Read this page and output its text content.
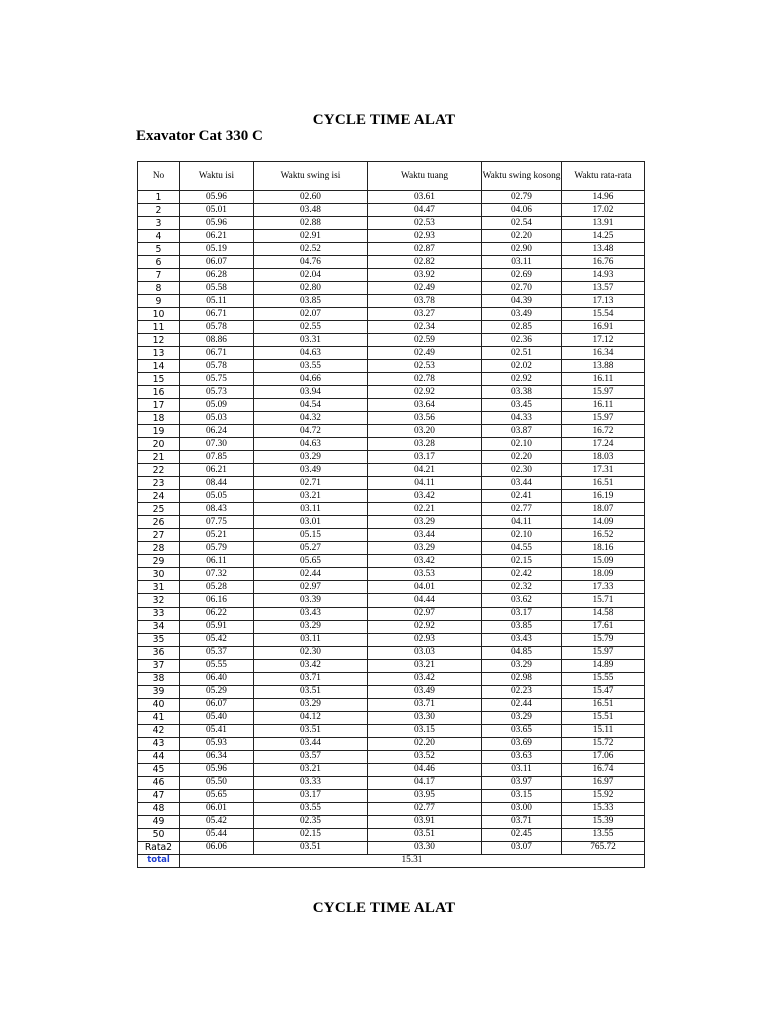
CYCLE TIME ALAT
Exavator Cat 330 C
No	Waktu isi	Waktu swing isi	Waktu tuang	Waktu swing kosong	Waktu rata-rata
1	05.96	02.60	03.61	02.79	14.96
2	05.01	03.48	04.47	04.06	17.02
3	05.96	02.88	02.53	02.54	13.91
4	06.21	02.91	02.93	02.20	14.25
5	05.19	02.52	02.87	02.90	13.48
6	06.07	04.76	02.82	03.11	16.76
7	06.28	02.04	03.92	02.69	14.93
8	05.58	02.80	02.49	02.70	13.57
9	05.11	03.85	03.78	04.39	17.13
10	06.71	02.07	03.27	03.49	15.54
11	05.78	02.55	02.34	02.85	16.91
12	08.86	03.31	02.59	02.36	17.12
13	06.71	04.63	02.49	02.51	16.34
14	05.78	03.55	02.53	02.02	13.88
15	05.75	04.66	02.78	02.92	16.11
16	05.73	03.94	02.92	03.38	15.97
17	05.09	04.54	03.64	03.45	16.11
18	05.03	04.32	03.56	04.33	15.97
19	06.24	04.72	03.20	03.87	16.72
20	07.30	04.63	03.28	02.10	17.24
21	07.85	03.29	03.17	02.20	18.03
22	06.21	03.49	04.21	02.30	17.31
23	08.44	02.71	04.11	03.44	16.51
24	05.05	03.21	03.42	02.41	16.19
25	08.43	03.11	02.21	02.77	18.07
26	07.75	03.01	03.29	04.11	14.09
27	05.21	05.15	03.44	02.10	16.52
28	05.79	05.27	03.29	04.55	18.16
29	06.11	05.65	03.42	02.15	15.09
30	07.32	02.44	03.53	02.42	18.09
31	05.28	02.97	04.01	02.32	17.33
32	06.16	03.39	04.44	03.62	15.71
33	06.22	03.43	02.97	03.17	14.58
34	05.91	03.29	02.92	03.85	17.61
35	05.42	03.11	02.93	03.43	15.79
36	05.37	02.30	03.03	04.85	15.97
37	05.55	03.42	03.21	03.29	14.89
38	06.40	03.71	03.42	02.98	15.55
39	05.29	03.51	03.49	02.23	15.47
40	06.07	03.29	03.71	02.44	16.51
41	05.40	04.12	03.30	03.29	15.51
42	05.41	03.51	03.15	03.65	15.11
43	05.93	03.44	02.20	03.69	15.72
44	06.34	03.57	03.52	03.63	17.06
45	05.96	03.21	04.46	03.11	16.74
46	05.50	03.33	04.17	03.97	16.97
47	05.65	03.17	03.95	03.15	15.92
48	06.01	03.55	02.77	03.00	15.33
49	05.42	02.35	03.91	03.71	15.39
50	05.44	02.15	03.51	02.45	13.55
Rata2	06.06	03.51	03.30	03.07	765.72
total	15.31				
CYCLE TIME ALAT
